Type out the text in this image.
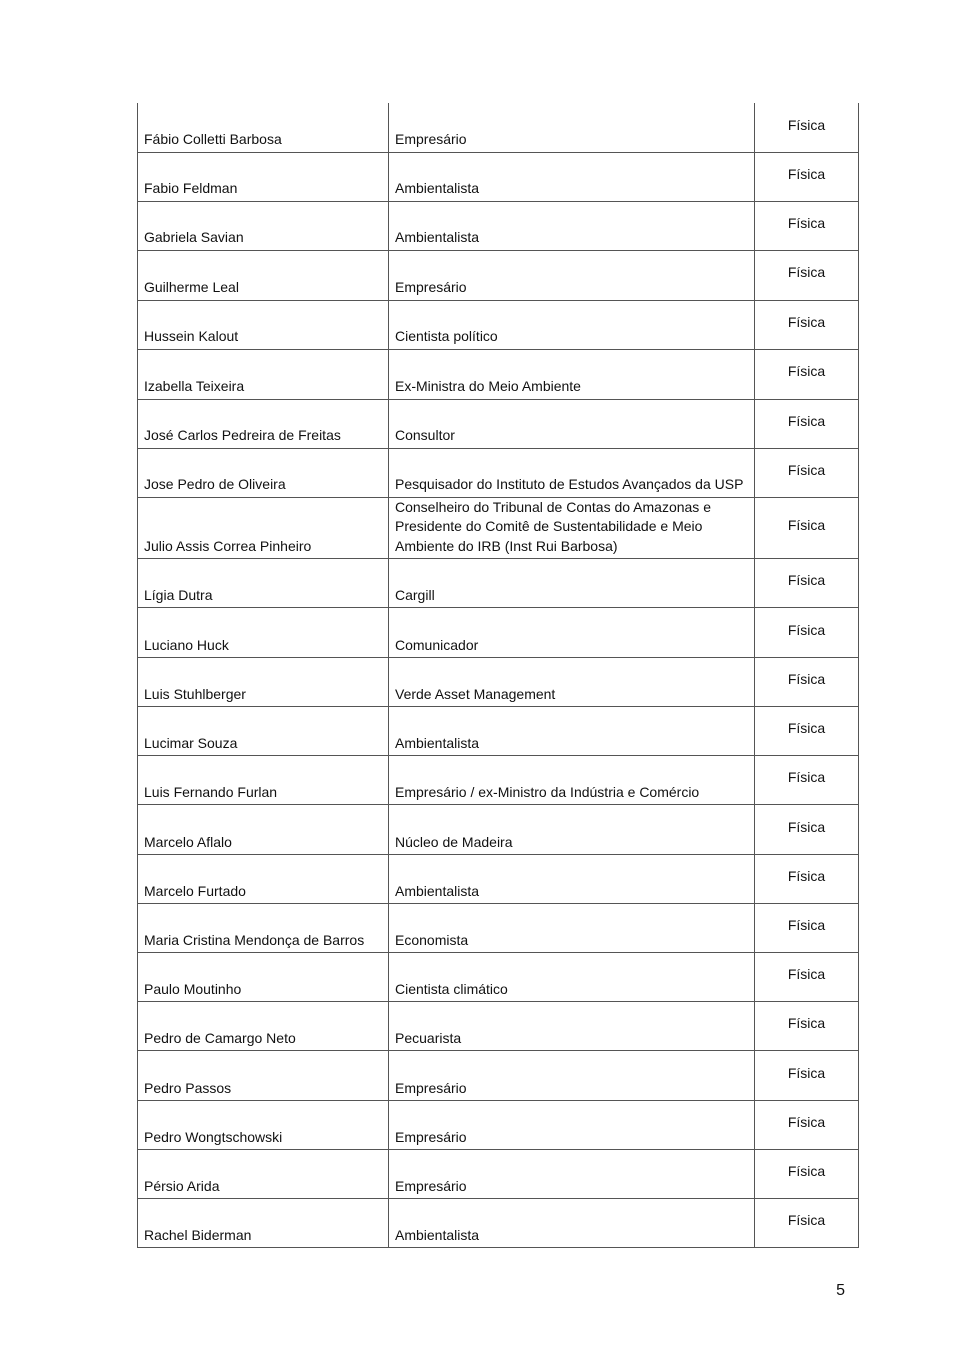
Fábio Colletti Barbosa	Empresário	Física
Fabio Feldman	Ambientalista	Física
Gabriela Savian	Ambientalista	Física
Guilherme Leal	Empresário	Física
Hussein Kalout	Cientista político	Física
Izabella Teixeira	Ex-Ministra do Meio Ambiente	Física
José Carlos Pedreira de Freitas	Consultor	Física
Jose Pedro de Oliveira	Pesquisador do Instituto de Estudos Avançados da USP	Física
Julio Assis Correa Pinheiro	Conselheiro do Tribunal de Contas do Amazonas e Presidente do Comitê de Sustentabilidade e Meio Ambiente do IRB (Inst Rui Barbosa)	Física
Lígia Dutra	Cargill	Física
Luciano Huck	Comunicador	Física
Luis Stuhlberger	Verde Asset Management	Física
Lucimar Souza	Ambientalista	Física
Luis Fernando Furlan	Empresário / ex-Ministro da Indústria e Comércio	Física
Marcelo Aflalo	Núcleo de Madeira	Física
Marcelo Furtado	Ambientalista	Física
Maria Cristina Mendonça de Barros	Economista	Física
Paulo Moutinho	Cientista climático	Física
Pedro de Camargo Neto	Pecuarista	Física
Pedro Passos	Empresário	Física
Pedro Wongtschowski	Empresário	Física
Pérsio Arida	Empresário	Física
Rachel Biderman	Ambientalista	Física
5
